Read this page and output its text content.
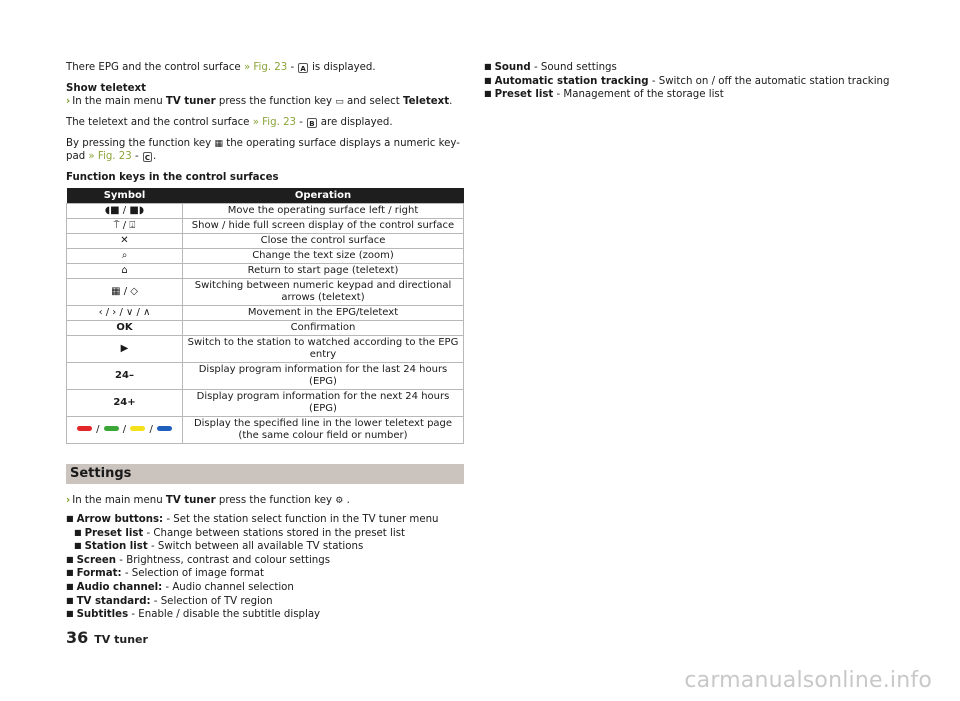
There EPG and the control surface » Fig. 23 - A is displayed.

Show teletext

› In the main menu TV tuner press the function key ▭ and select Teletext.

The teletext and the control surface » Fig. 23 - B are displayed.

By pressing the function key ▦ the operating surface displays a numeric key-pad » Fig. 23 - C .

Function keys in the control surfaces

Symbol	Operation
◖■ / ■◗	Move the operating surface left / right
⍑ / ⍗	Show / hide full screen display of the control surface
✕	Close the control surface
⌕	Change the text size (zoom)
⌂	Return to start page (teletext)
▦ / ◇	Switching between numeric keypad and directional arrows (teletext)
‹ / › / ∨ / ∧	Movement in the EPG/teletext
OK	Confirmation
▶	Switch to the station to watched according to the EPG entry
24–	Display program information for the last 24 hours (EPG)
24+	Display program information for the next 24 hours (EPG)
/  /  /	Display the specified line in the lower teletext page (the same colour field or number)
Settings

› In the main menu TV tuner press the function key ⚙ .

■ Arrow buttons: - Set the station select function in the TV tuner menu
■ Preset list - Change between stations stored in the preset list
■ Station list - Switch between all available TV stations
■ Screen - Brightness, contrast and colour settings
■ Format: - Selection of image format
■ Audio channel: - Audio channel selection
■ TV standard: - Selection of TV region
■ Subtitles - Enable / disable the subtitle display
■ Sound - Sound settings
■ Automatic station tracking - Switch on / off the automatic station tracking
■ Preset list - Management of the storage list
36 TV tuner
carmanualsonline.info
